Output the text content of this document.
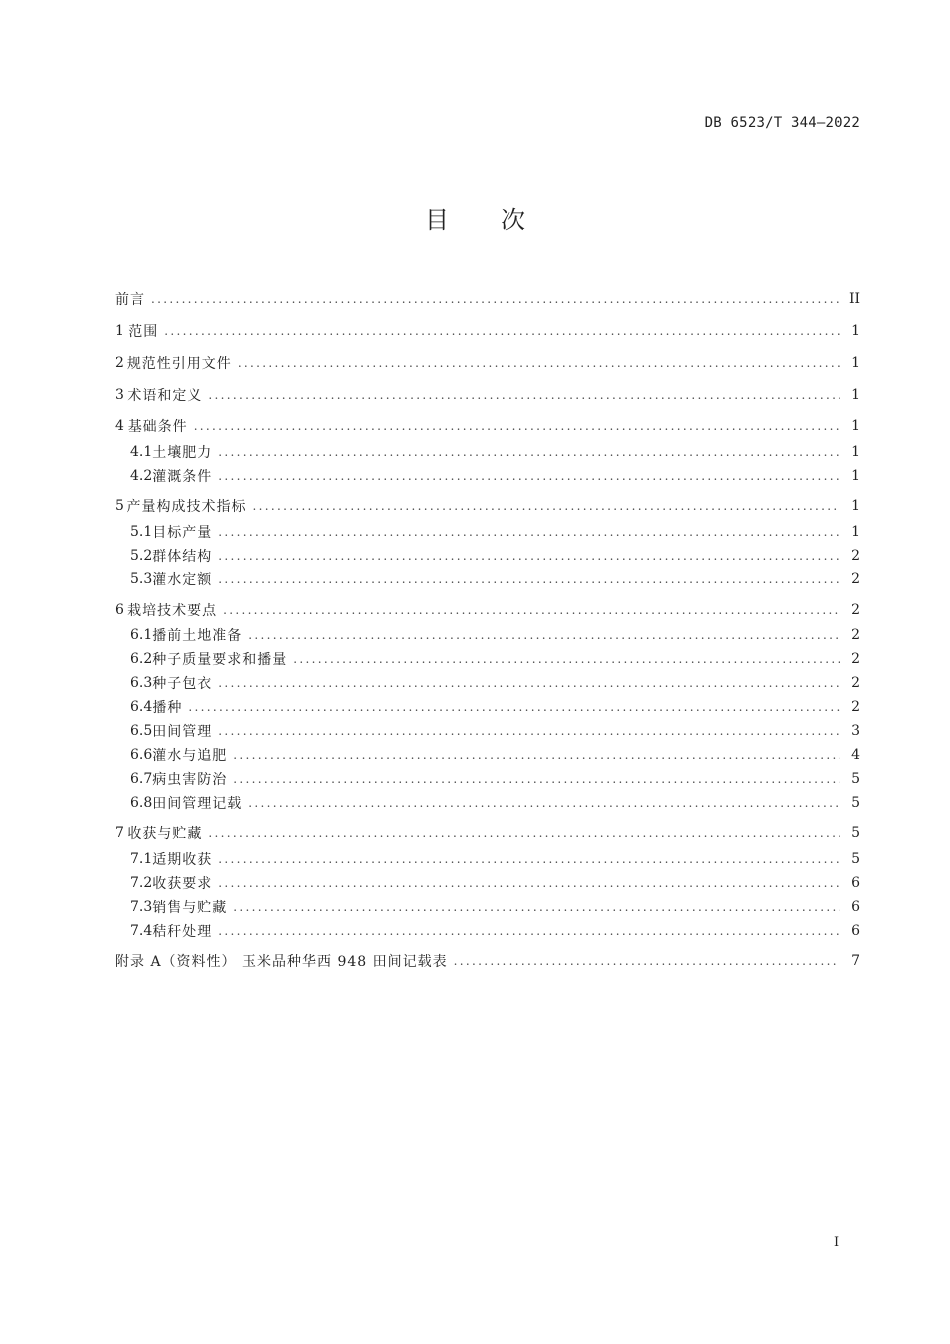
DB 6523/T 344—2022
目 次
前言 .....	II
1 范围 .....	1
2 规范性引用文件 .....	1
3 术语和定义 .....	1
4 基础条件 .....	1
4.1 土壤肥力 .....	1
4.2 灌溉条件 .....	1
5 产量构成技术指标 .....	1
5.1 目标产量 .....	1
5.2 群体结构 .....	2
5.3 灌水定额 .....	2
6 栽培技术要点 .....	2
6.1 播前土地准备 .....	2
6.2 种子质量要求和播量 .....	2
6.3 种子包衣 .....	2
6.4 播种 .....	2
6.5 田间管理 .....	3
6.6 灌水与追肥 .....	4
6.7 病虫害防治 .....	5
6.8 田间管理记载 .....	5
7 收获与贮藏 .....	5
7.1 适期收获 .....	5
7.2 收获要求 .....	6
7.3 销售与贮藏 .....	6
7.4 秸秆处理 .....	6
附录 A（资料性） 玉米品种华西 948 田间记载表 .....	7
I
